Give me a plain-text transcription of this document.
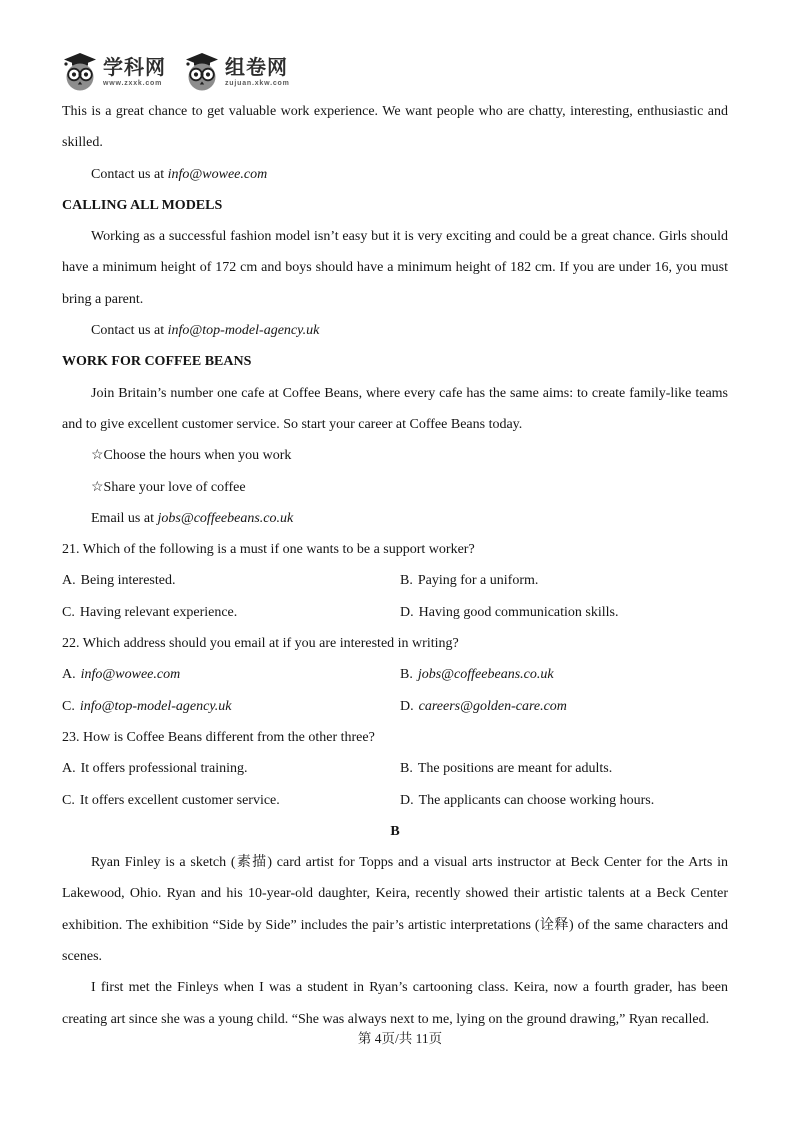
学科网
www.zxxk.com
组卷网
zujuan.xkw.com

This is a great chance to get valuable work experience. We want people who are chatty, interesting, enthusiastic and skilled.

Contact us at info@wowee.com

CALLING ALL MODELS

Working as a successful fashion model isn’t easy but it is very exciting and could be a great chance. Girls should have a minimum height of 172 cm and boys should have a minimum height of 182 cm. If you are under 16, you must bring a parent.

Contact us at info@top-model-agency.uk

WORK FOR COFFEE BEANS

Join Britain’s number one cafe at Coffee Beans, where every cafe has the same aims: to create family-like teams and to give excellent customer service. So start your career at Coffee Beans today.

☆Choose the hours when you work

☆Share your love of coffee

Email us at jobs@coffeebeans.co.uk

21. Which of the following is a must if one wants to be a support worker?

A. Being interested.	B. Paying for a uniform.

C. Having relevant experience.	D. Having good communication skills.

22. Which address should you email at if you are interested in writing?

A. info@wowee.com	B. jobs@coffeebeans.co.uk

C. info@top-model-agency.uk	D. careers@golden-care.com

23. How is Coffee Beans different from the other three?

A. It offers professional training.	B. The positions are meant for adults.

C. It offers excellent customer service.	D. The applicants can choose working hours.

B

Ryan Finley is a sketch (素描) card artist for Topps and a visual arts instructor at Beck Center for the Arts in Lakewood, Ohio. Ryan and his 10-year-old daughter, Keira, recently showed their artistic talents at a Beck Center exhibition. The exhibition “Side by Side” includes the pair’s artistic interpretations (诠释) of the same characters and scenes.

I first met the Finleys when I was a student in Ryan’s cartooning class. Keira, now a fourth grader, has been creating art since she was a young child. “She was always next to me, lying on the ground drawing,” Ryan recalled.

第 4页/共 11页
